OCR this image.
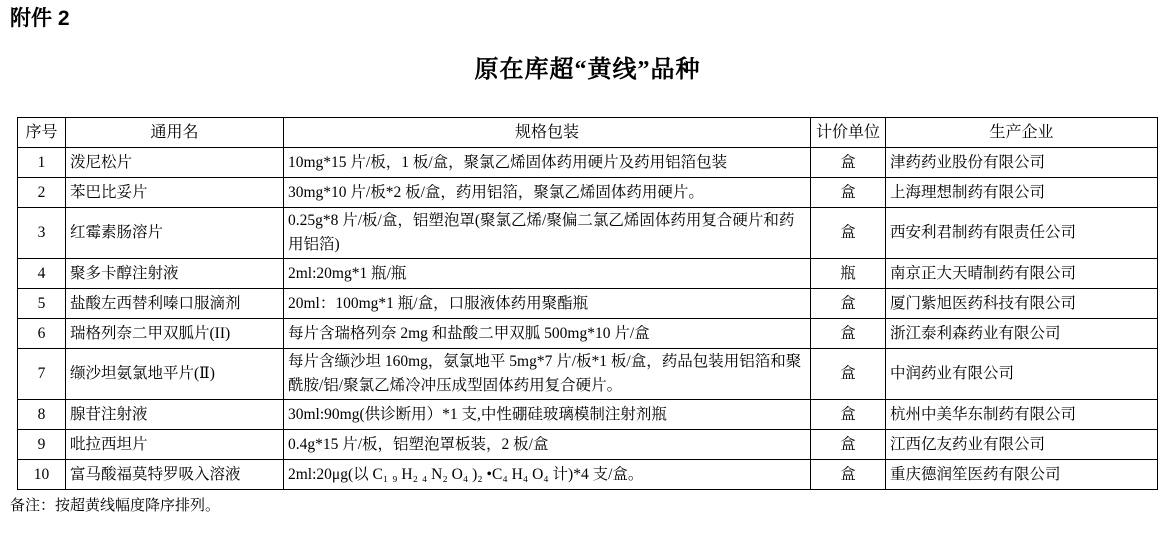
附件 2
原在库超“黄线”品种
序号	通用名	规格包装	计价单位	生产企业
1	泼尼松片	10mg*15 片/板，1 板/盒，聚氯乙烯固体药用硬片及药用铝箔包装	盒	津药药业股份有限公司
2	苯巴比妥片	30mg*10 片/板*2 板/盒，药用铝箔，聚氯乙烯固体药用硬片。	盒	上海理想制药有限公司
3	红霉素肠溶片	0.25g*8 片/板/盒，铝塑泡罩(聚氯乙烯/聚偏二氯乙烯固体药用复合硬片和药用铝箔)	盒	西安利君制药有限责任公司
4	聚多卡醇注射液	2ml:20mg*1 瓶/瓶	瓶	南京正大天晴制药有限公司
5	盐酸左西替利嗪口服滴剂	20ml：100mg*1 瓶/盒，口服液体药用聚酯瓶	盒	厦门紫旭医药科技有限公司
6	瑞格列奈二甲双胍片(II)	每片含瑞格列奈 2mg 和盐酸二甲双胍 500mg*10 片/盒	盒	浙江泰利森药业有限公司
7	缬沙坦氨氯地平片(Ⅱ)	每片含缬沙坦 160mg，氨氯地平 5mg*7 片/板*1 板/盒，药品包装用铝箔和聚酰胺/铝/聚氯乙烯冷冲压成型固体药用复合硬片。	盒	中润药业有限公司
8	腺苷注射液	30ml:90mg(供诊断用）*1 支,中性硼硅玻璃模制注射剂瓶	盒	杭州中美华东制药有限公司
9	吡拉西坦片	0.4g*15 片/板，铝塑泡罩板装，2 板/盒	盒	江西亿友药业有限公司
10	富马酸福莫特罗吸入溶液	2ml:20μg(以 C₁ ₉ H₂ ₄ N₂ O₄ )₂ •C₄ H₄ O₄ 计)*4 支/盒。	盒	重庆德润笙医药有限公司
备注：按超黄线幅度降序排列。
